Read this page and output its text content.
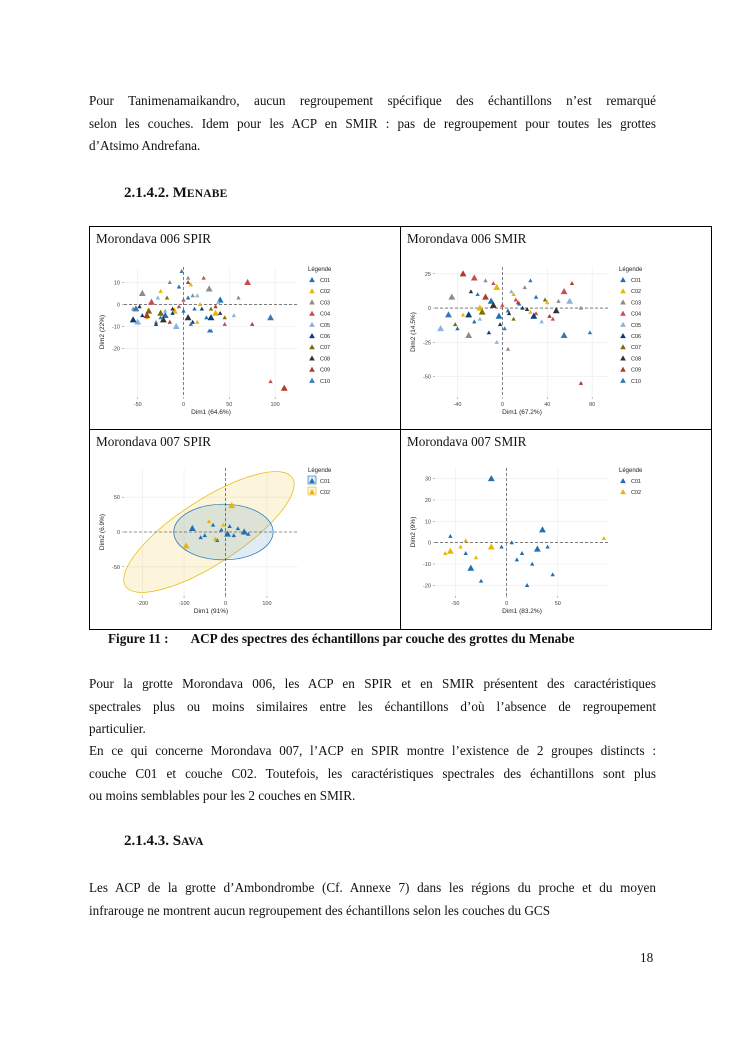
Pour Tanimenamaikandro, aucun regroupement spécifique des échantillons n’est remarqué
selon les couches. Idem pour les ACP en SMIR : pas de regroupement pour toutes les grottes
d’Atsimo Andrefana.

2.1.4.2. MENABE
Morondava 006 SPIR
-50	0	50	100
10
0
-10
-20
Dim1 (64.6%)
Dim2 (22%)
Légende
C01
C02
C03
C04
C05
C06
C07
C08
C09
C10
Morondava 006 SMIR
-40	0	40	80
25
0
-25
-50
Dim1 (67.2%)
Dim2 (14.5%)
Légende
C01
C02
C03
C04
C05
C06
C07
C08
C09
C10
Morondava 007 SPIR
-200	-100	0	100
50
0
-50
Dim1 (91%)
Dim2 (6.9%)
Légende
C01
C02
Morondava 007 SMIR
-50	0	50
30
20
10
0
-10
-20
Dim1 (83.2%)
Dim2 (9%)
Légende
C01
C02

Figure 11 : ACP des spectres des échantillons par couche des grottes du Menabe

Pour la grotte Morondava 006, les ACP en SPIR et en SMIR présentent des caractéristiques
spectrales plus ou moins similaires entre les échantillons d’où l’absence de regroupement
particulier.

En ce qui concerne Morondava 007, l’ACP en SPIR montre l’existence de 2 groupes distincts :
couche C01 et couche C02. Toutefois, les caractéristiques spectrales des échantillons sont plus
ou moins semblables pour les 2 couches en SMIR.

2.1.4.3. SAVA

Les ACP de la grotte d’Ambondrombe (Cf. Annexe 7) dans les régions du proche et du moyen
infrarouge ne montrent aucun regroupement des échantillons selon les couches du GCS

18
